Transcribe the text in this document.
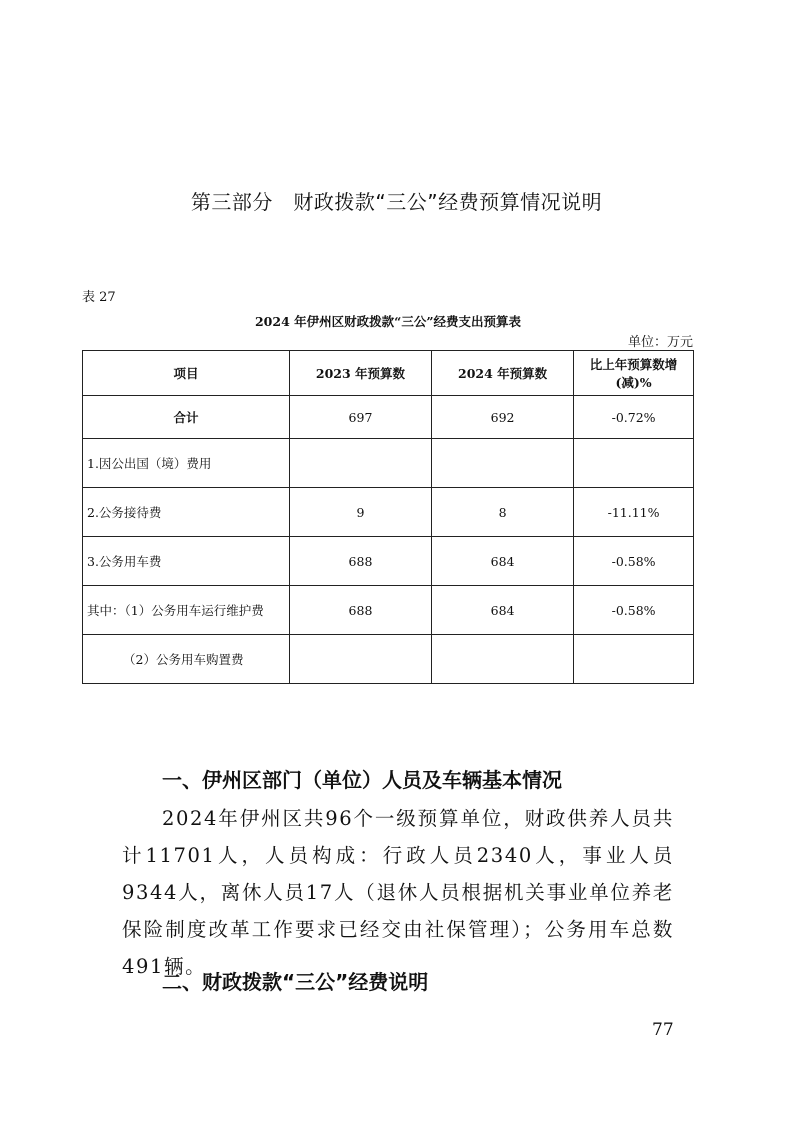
第三部分　财政拨款“三公”经费预算情况说明
表 27
2024 年伊州区财政拨款“三公”经费支出预算表
单位：万元
项目	2023 年预算数	2024 年预算数	比上年预算数增(减)%
合计	697	692	-0.72%
1.因公出国（境）费用			
2.公务接待费	9	8	-11.11%
3.公务用车费	688	684	-0.58%
其中：（1）公务用车运行维护费	688	684	-0.58%
（2）公务用车购置费			
一、伊州区部门（单位）人员及车辆基本情况
2024年伊州区共96个一级预算单位，财政供养人员共计11701人，人员构成：行政人员2340人，事业人员9344人，离休人员17人（退休人员根据机关事业单位养老保险制度改革工作要求已经交由社保管理）；公务用车总数491辆。
二、财政拨款“三公”经费说明
77
